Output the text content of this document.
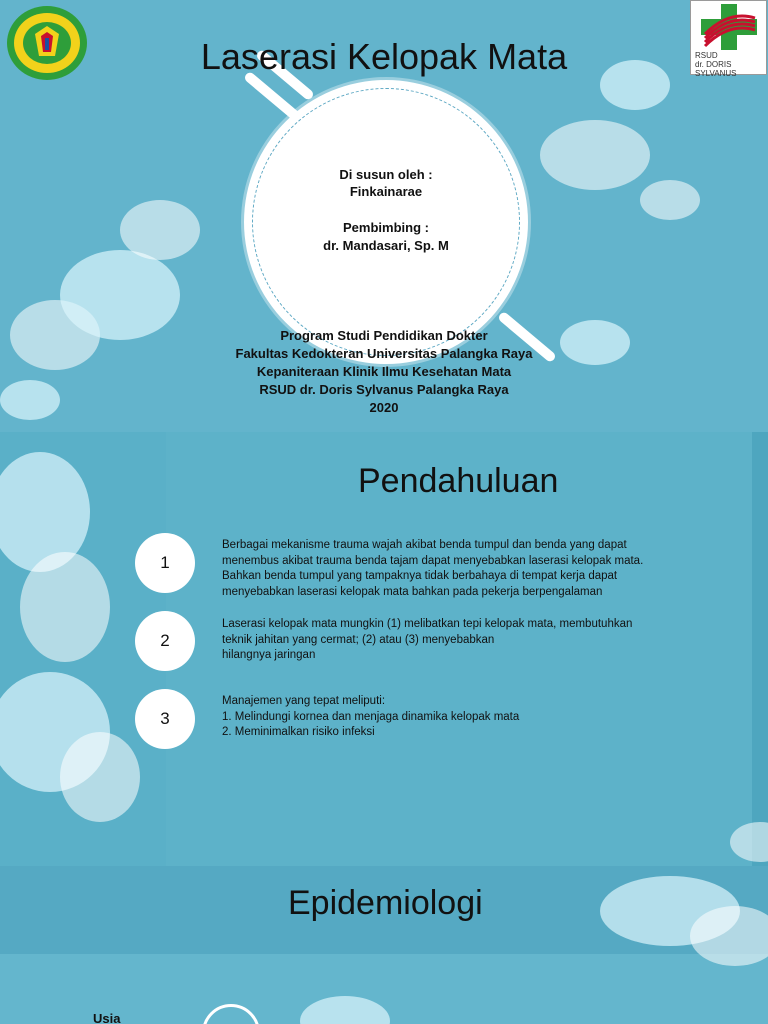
RSUD
dr. DORIS SYLVANUS
Laserasi Kelopak Mata
Di susun oleh :
Finkainarae
Pembimbing :
dr. Mandasari, Sp. M
Program Studi Pendidikan Dokter
Fakultas Kedokteran Universitas Palangka Raya
Kepaniteraan Klinik Ilmu Kesehatan Mata
RSUD dr. Doris Sylvanus Palangka Raya
2020
Pendahuluan
1
Berbagai mekanisme trauma wajah akibat benda tumpul dan benda yang dapat
menembus akibat trauma benda tajam dapat menyebabkan laserasi kelopak mata.
Bahkan benda tumpul yang tampaknya tidak berbahaya di tempat kerja dapat
menyebabkan laserasi kelopak mata bahkan pada pekerja berpengalaman
2
Laserasi kelopak mata mungkin (1) melibatkan tepi kelopak mata, membutuhkan
teknik jahitan yang cermat; (2) atau (3) menyebabkan
hilangnya jaringan
3
Manajemen yang tepat meliputi:
1. Melindungi kornea dan menjaga dinamika kelopak mata
2. Meminimalkan risiko infeksi
Epidemiologi
Usia
